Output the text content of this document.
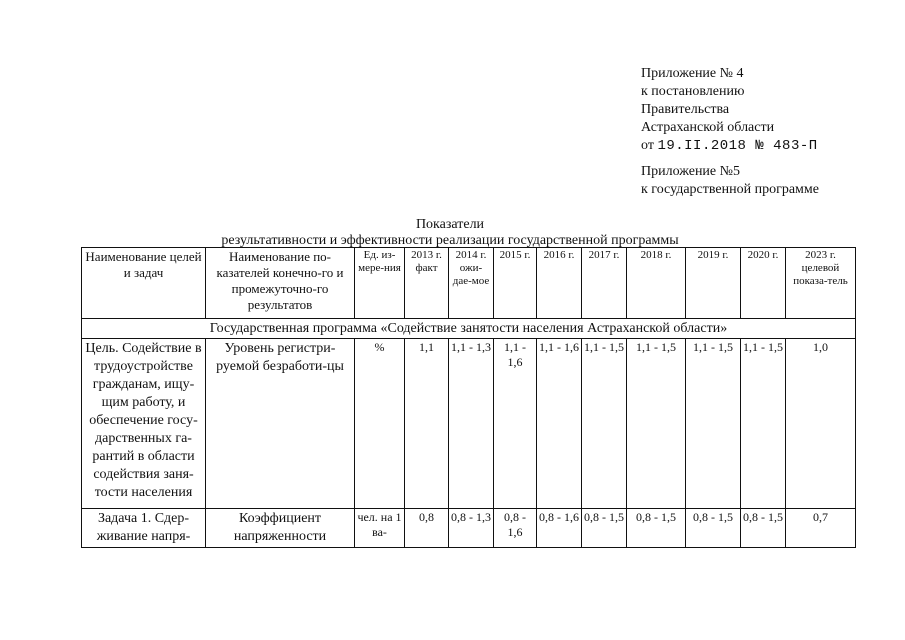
Приложение № 4
к постановлению
Правительства
Астраханской области
от 19.II.2018 № 483-П
Приложение №5
к государственной программе
Показатели
результативности и эффективности реализации государственной программы
Наименование целей и задач	Наименование по-казателей конечно-го и промежуточно-го результатов	Ед. из-мере-ния	2013 г. факт	2014 г. ожи-дае-мое	2015 г.	2016 г.	2017 г.	2018 г.	2019 г.	2020 г.	2023 г. целевой показа-тель
Государственная программа «Содействие занятости населения Астраханской области»											
Цель. Содействие в трудоустройстве гражданам, ищу-щим работу, и обеспечение госу-дарственных га-рантий в области содействия заня-тости населения	Уровень регистри-руемой безработи-цы	%	1,1	1,1 - 1,3	1,1 - 1,6	1,1 - 1,6	1,1 - 1,5	1,1 - 1,5	1,1 - 1,5	1,1 - 1,5	1,0
Задача 1. Сдер-живание напря-	Коэффициент напряженности	чел. на 1 ва-	0,8	0,8 - 1,3	0,8 - 1,6	0,8 - 1,6	0,8 - 1,5	0,8 - 1,5	0,8 - 1,5	0,8 - 1,5	0,7
